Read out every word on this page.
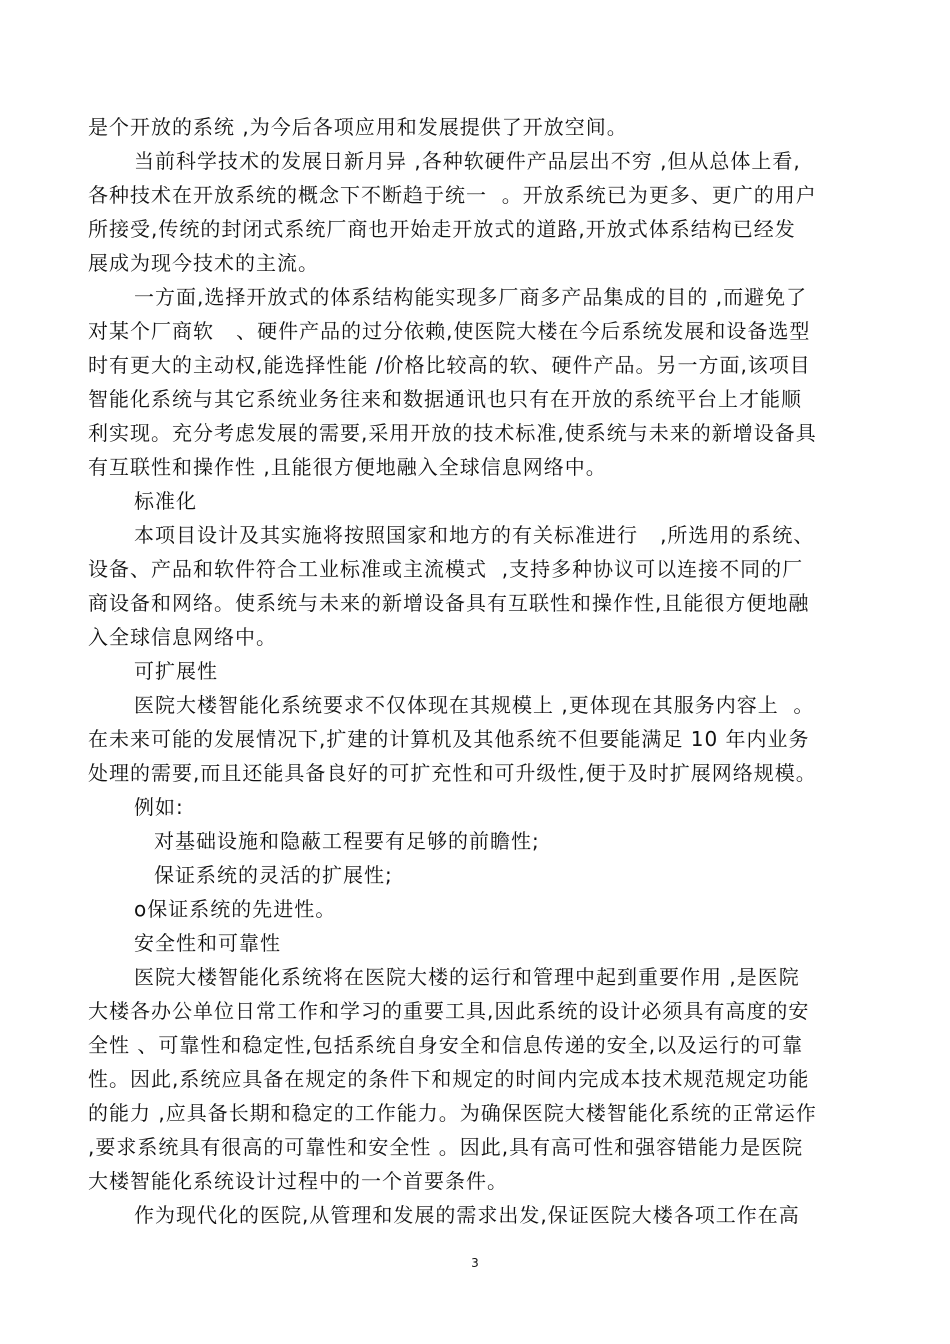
是个开放的系统 ,为今后各项应用和发展提供了开放空间。
当前科学技术的发展日新月异 ,各种软硬件产品层出不穷 ,但从总体上看,
各种技术在开放系统的概念下不断趋于统一  。开放系统已为更多、更广的用户
所接受,传统的封闭式系统厂商也开始走开放式的道路,开放式体系结构已经发
展成为现今技术的主流。
一方面,选择开放式的体系结构能实现多厂商多产品集成的目的 ,而避免了
对某个厂商软   、硬件产品的过分依赖,使医院大楼在今后系统发展和设备选型
时有更大的主动权,能选择性能 /价格比较高的软、硬件产品。另一方面,该项目
智能化系统与其它系统业务往来和数据通讯也只有在开放的系统平台上才能顺
利实现。充分考虑发展的需要,采用开放的技术标准,使系统与未来的新增设备具
有互联性和操作性 ,且能很方便地融入全球信息网络中。
标准化
本项目设计及其实施将按照国家和地方的有关标准进行   ,所选用的系统、
设备、产品和软件符合工业标准或主流模式  ,支持多种协议可以连接不同的厂
商设备和网络。使系统与未来的新增设备具有互联性和操作性,且能很方便地融
入全球信息网络中。
可扩展性
医院大楼智能化系统要求不仅体现在其规模上 ,更体现在其服务内容上  。
在未来可能的发展情况下,扩建的计算机及其他系统不但要能满足 10 年内业务
处理的需要,而且还能具备良好的可扩充性和可升级性,便于及时扩展网络规模。
例如:
对基础设施和隐蔽工程要有足够的前瞻性;
保证系统的灵活的扩展性;
ο保证系统的先进性。
安全性和可靠性
医院大楼智能化系统将在医院大楼的运行和管理中起到重要作用 ,是医院
大楼各办公单位日常工作和学习的重要工具,因此系统的设计必须具有高度的安
全性 、可靠性和稳定性,包括系统自身安全和信息传递的安全,以及运行的可靠
性。因此,系统应具备在规定的条件下和规定的时间内完成本技术规范规定功能
的能力 ,应具备长期和稳定的工作能力。为确保医院大楼智能化系统的正常运作
,要求系统具有很高的可靠性和安全性 。因此,具有高可性和强容错能力是医院
大楼智能化系统设计过程中的一个首要条件。
作为现代化的医院,从管理和发展的需求出发,保证医院大楼各项工作在高
3
